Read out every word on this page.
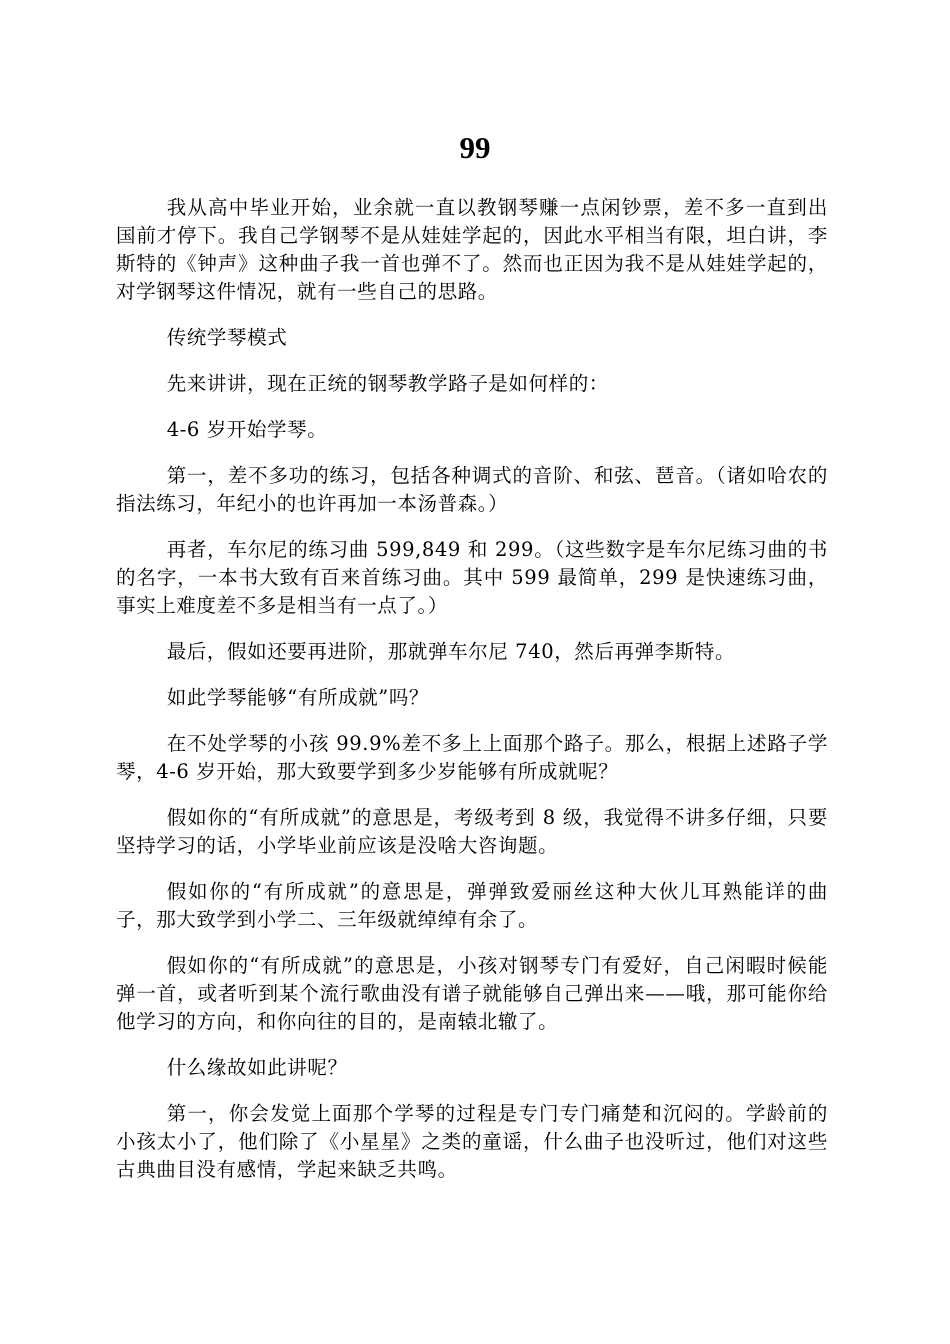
99

我从高中毕业开始，业余就一直以教钢琴赚一点闲钞票，差不多一直到出国前才停下。我自己学钢琴不是从娃娃学起的，因此水平相当有限，坦白讲，李斯特的《钟声》这种曲子我一首也弹不了。然而也正因为我不是从娃娃学起的，对学钢琴这件情况，就有一些自己的思路。

传统学琴模式

先来讲讲，现在正统的钢琴教学路子是如何样的：

4-6 岁开始学琴。

第一，差不多功的练习，包括各种调式的音阶、和弦、琶音。（诸如哈农的指法练习，年纪小的也许再加一本汤普森。）

再者，车尔尼的练习曲 599,849 和 299。（这些数字是车尔尼练习曲的书的名字，一本书大致有百来首练习曲。其中 599 最简单，299 是快速练习曲，事实上难度差不多是相当有一点了。）

最后，假如还要再进阶，那就弹车尔尼 740，然后再弹李斯特。

如此学琴能够“有所成就”吗？

在不处学琴的小孩 99.9%差不多上上面那个路子。那么，根据上述路子学琴，4-6 岁开始，那大致要学到多少岁能够有所成就呢？

假如你的“有所成就”的意思是，考级考到 8 级，我觉得不讲多仔细，只要坚持学习的话，小学毕业前应该是没啥大咨询题。

假如你的“有所成就”的意思是，弹弹致爱丽丝这种大伙儿耳熟能详的曲子，那大致学到小学二、三年级就绰绰有余了。

假如你的“有所成就”的意思是，小孩对钢琴专门有爱好，自己闲暇时候能弹一首，或者听到某个流行歌曲没有谱子就能够自己弹出来——哦，那可能你给他学习的方向，和你向往的目的，是南辕北辙了。

什么缘故如此讲呢？

第一，你会发觉上面那个学琴的过程是专门专门痛楚和沉闷的。学龄前的小孩太小了，他们除了《小星星》之类的童谣，什么曲子也没听过，他们对这些古典曲目没有感情，学起来缺乏共鸣。
